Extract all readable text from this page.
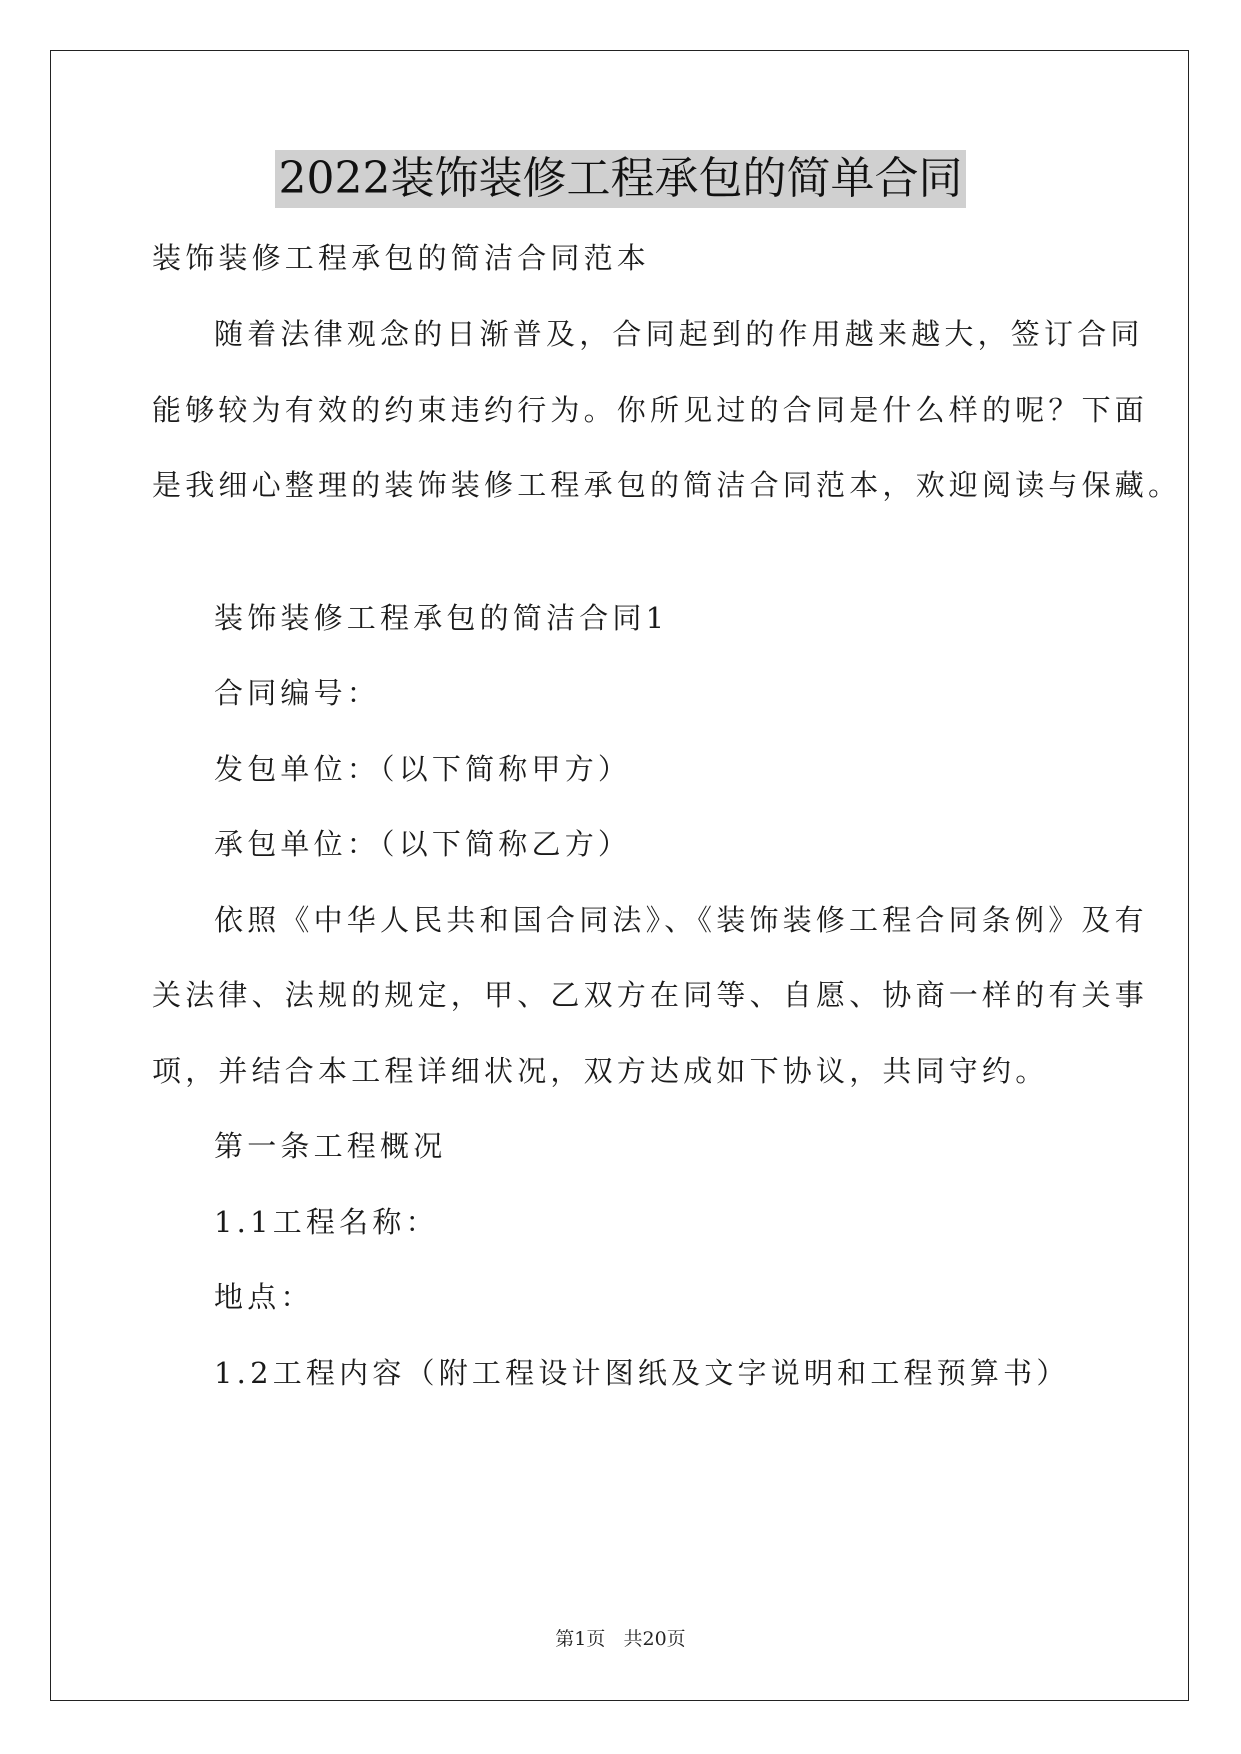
2022装饰装修工程承包的简单合同
装饰装修工程承包的简洁合同范本
随着法律观念的日渐普及，合同起到的作用越来越大，签订合同
能够较为有效的约束违约行为。你所见过的合同是什么样的呢？下面
是我细心整理的装饰装修工程承包的简洁合同范本，欢迎阅读与保藏。
装饰装修工程承包的简洁合同1
合同编号：
发包单位：（以下简称甲方）
承包单位：（以下简称乙方）
依照《中华人民共和国合同法》、《装饰装修工程合同条例》及有
关法律、法规的规定，甲、乙双方在同等、自愿、协商一样的有关事
项，并结合本工程详细状况，双方达成如下协议，共同守约。
第一条工程概况
1.1工程名称：
地点：
1.2工程内容（附工程设计图纸及文字说明和工程预算书）
第1页   共20页
